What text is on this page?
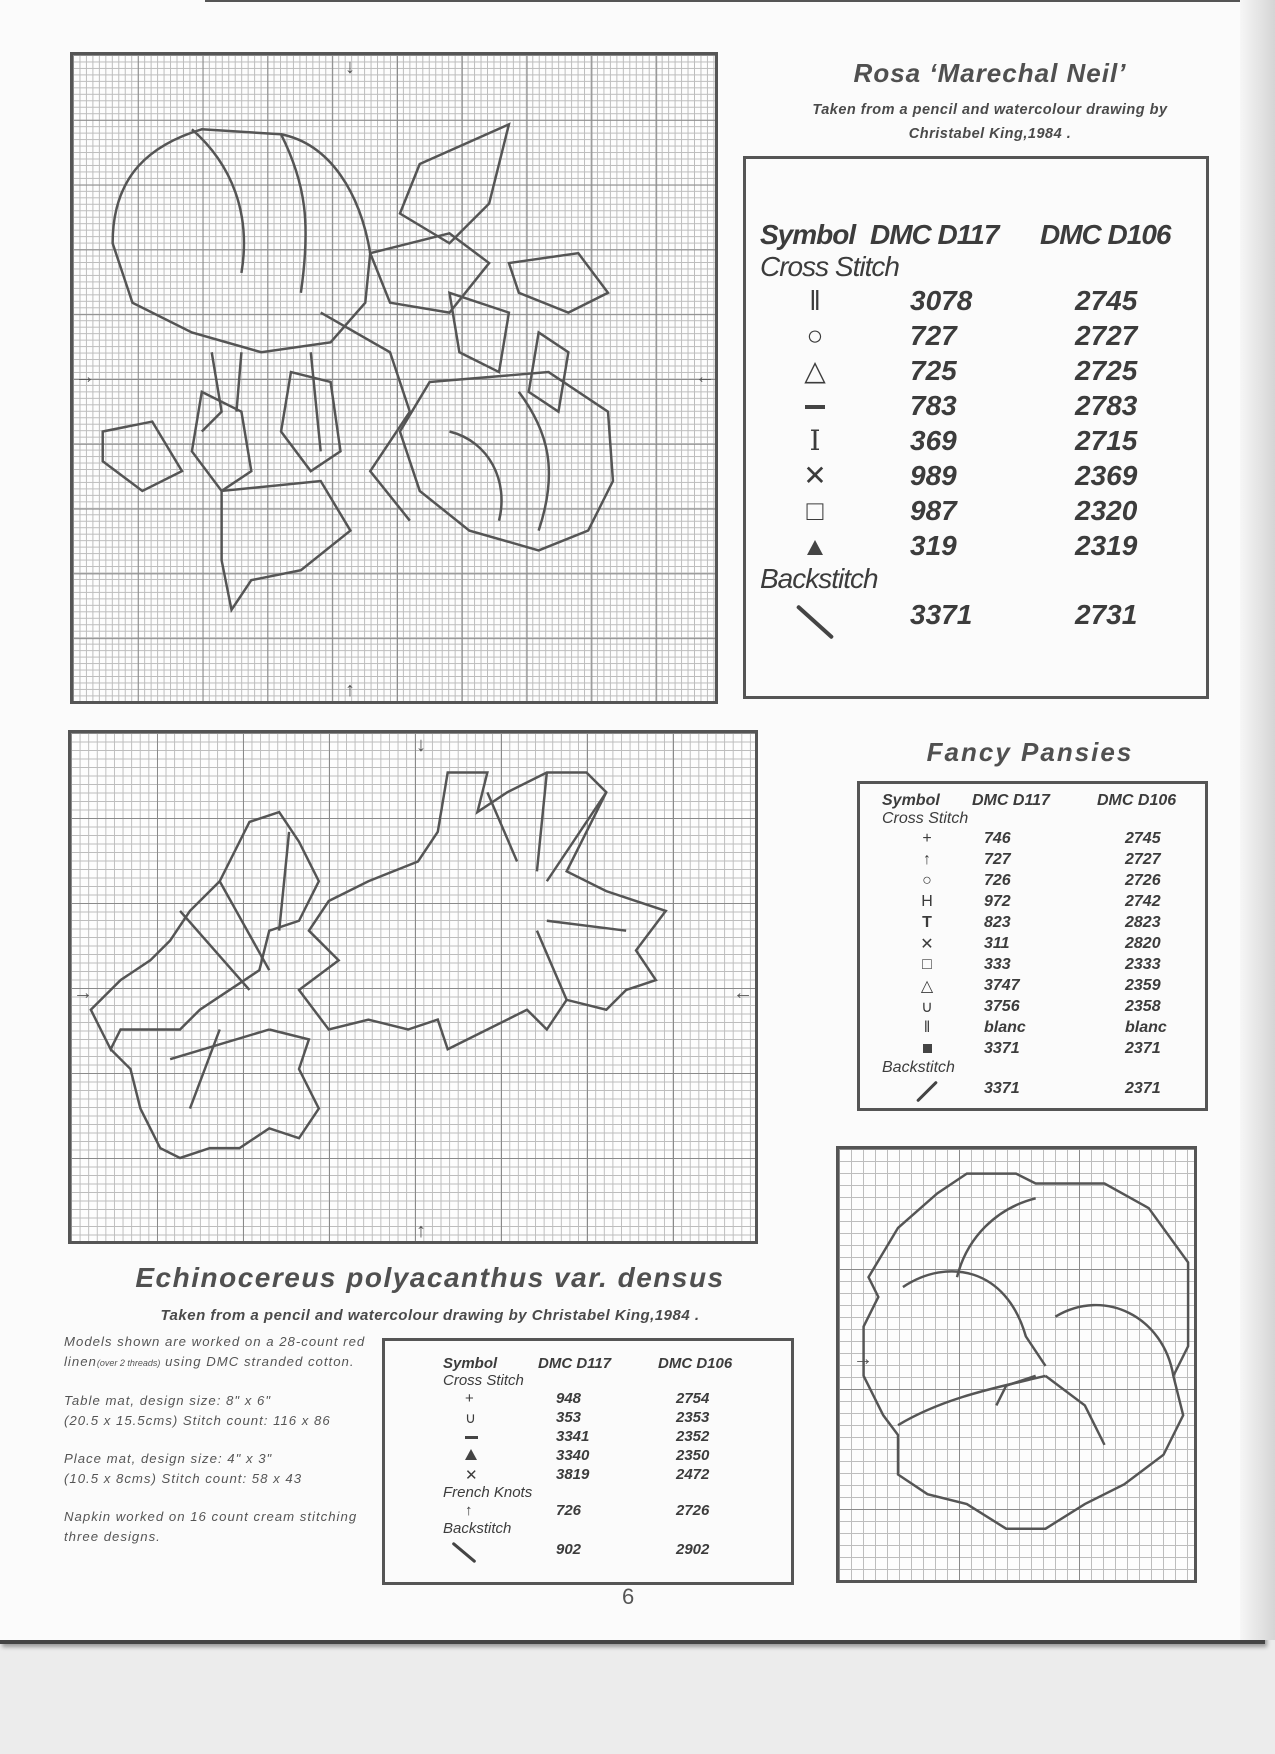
↓
↑
→	←
Rosa ‘Marechal Neil’
Taken from a pencil and watercolour drawing by
Christabel King,1984 .
Symbol	DMC D117	DMC D106
Cross Stitch		
‖	3078	2745
○	727	2727
△	725	2725
	783	2783
I	369	2715
✕	989	2369
□	987	2320
	319	2319
Backstitch		
	3371	2731
↓
↑
→	←
Fancy Pansies
Symbol	DMC D117	DMC D106
Cross Stitch		
+	746	2745
↑	727	2727
○	726	2726
H	972	2742
T	823	2823
✕	311	2820
□	333	2333
△	3747	2359
∪	3756	2358
‖	blanc	blanc
	3371	2371
Backstitch		
	3371	2371
→
Echinocereus polyacanthus var. densus
Taken from a pencil and watercolour drawing by Christabel King,1984 .

Models shown are worked on a 28-count red linen(over 2 threads) using DMC stranded cotton.

Table mat, design size: 8" x 6"
(20.5 x 15.5cms) Stitch count: 116 x 86

Place mat, design size: 4" x 3"
(10.5 x 8cms) Stitch count: 58 x 43

Napkin worked on 16 count cream stitching three designs.

Symbol	DMC D117	DMC D106
Cross Stitch		
+	948	2754
∪	353	2353
	3341	2352
	3340	2350
✕	3819	2472
French Knots		
↑	726	2726
Backstitch		
	902	2902
6
